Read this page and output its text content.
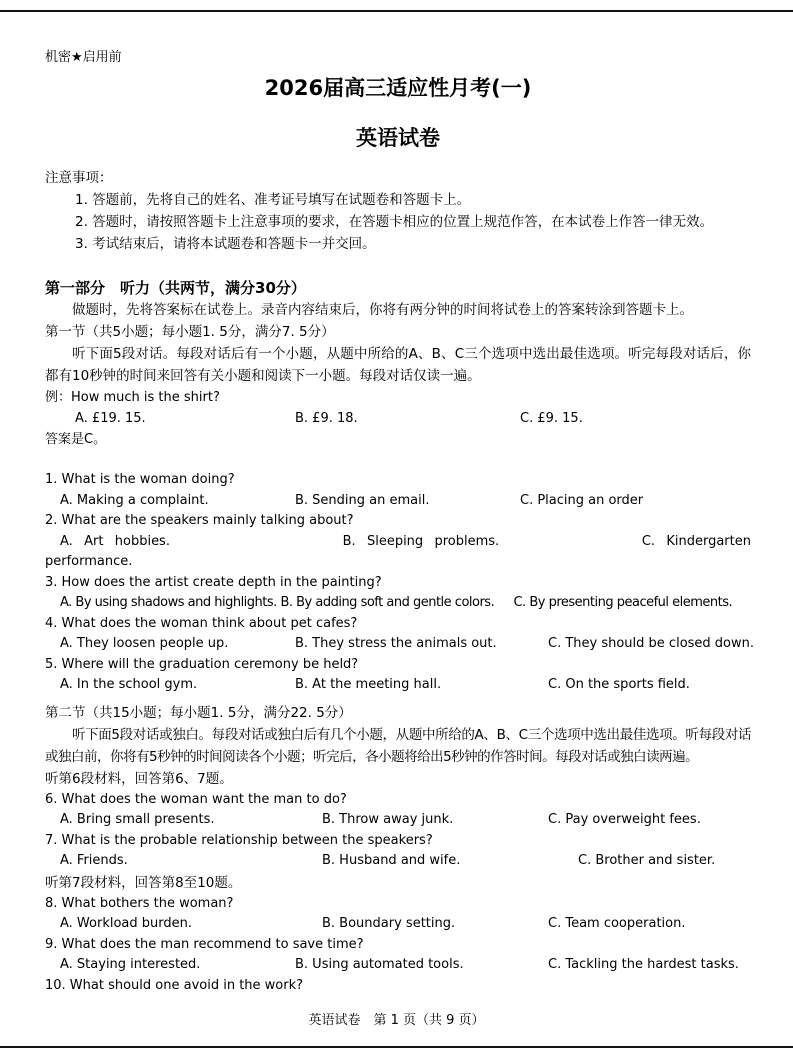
机密★启用前
2026届高三适应性月考(一)
英语试卷
注意事项：
1. 答题前，先将自己的姓名、准考证号填写在试题卷和答题卡上。
2. 答题时，请按照答题卡上注意事项的要求，在答题卡相应的位置上规范作答，在本试卷上作答一律无效。
3. 考试结束后，请将本试题卷和答题卡一并交回。
第一部分　听力（共两节，满分30分）
做题时，先将答案标在试卷上。录音内容结束后，你将有两分钟的时间将试卷上的答案转涂到答题卡上。
第一节（共5小题；每小题1. 5分，满分7. 5分）
听下面5段对话。每段对话后有一个小题，从题中所给的A、B、C三个选项中选出最佳选项。听完每段对话后，你都有10秒钟的时间来回答有关小题和阅读下一小题。每段对话仅读一遍。
例：How much is the shirt?
A. £19. 15.	B. £9. 18.	C. £9. 15.
答案是C。
1. What is the woman doing?
A. Making a complaint.	B. Sending an email.	C. Placing an order
2. What are the speakers mainly talking about?
A. Art hobbies.	B. Sleeping problems.	C. Kindergarten performance.
3. How does the artist create depth in the painting?
A. By using shadows and highlights. B. By adding soft and gentle colors. C. By presenting peaceful elements.
4. What does the woman think about pet cafes?
A. They loosen people up.	B. They stress the animals out.	C. They should be closed down.
5. Where will the graduation ceremony be held?
A. In the school gym.	B. At the meeting hall.	C. On the sports field.
第二节（共15小题；每小题1. 5分，满分22. 5分）
听下面5段对话或独白。每段对话或独白后有几个小题，从题中所给的A、B、C三个选项中选出最佳选项。听每段对话或独白前，你将有5秒钟的时间阅读各个小题；听完后，各小题将给出5秒钟的作答时间。每段对话或独白读两遍。
听第6段材料，回答第6、7题。
6. What does the woman want the man to do?
A. Bring small presents.	B. Throw away junk.	C. Pay overweight fees.
7. What is the probable relationship between the speakers?
A. Friends.	B. Husband and wife.	C. Brother and sister.
听第7段材料，回答第8至10题。
8. What bothers the woman?
A. Workload burden.	B. Boundary setting.	C. Team cooperation.
9. What does the man recommend to save time?
A. Staying interested.	B. Using automated tools.	C. Tackling the hardest tasks.
10. What should one avoid in the work?
英语试卷　第 1 页（共 9 页）
